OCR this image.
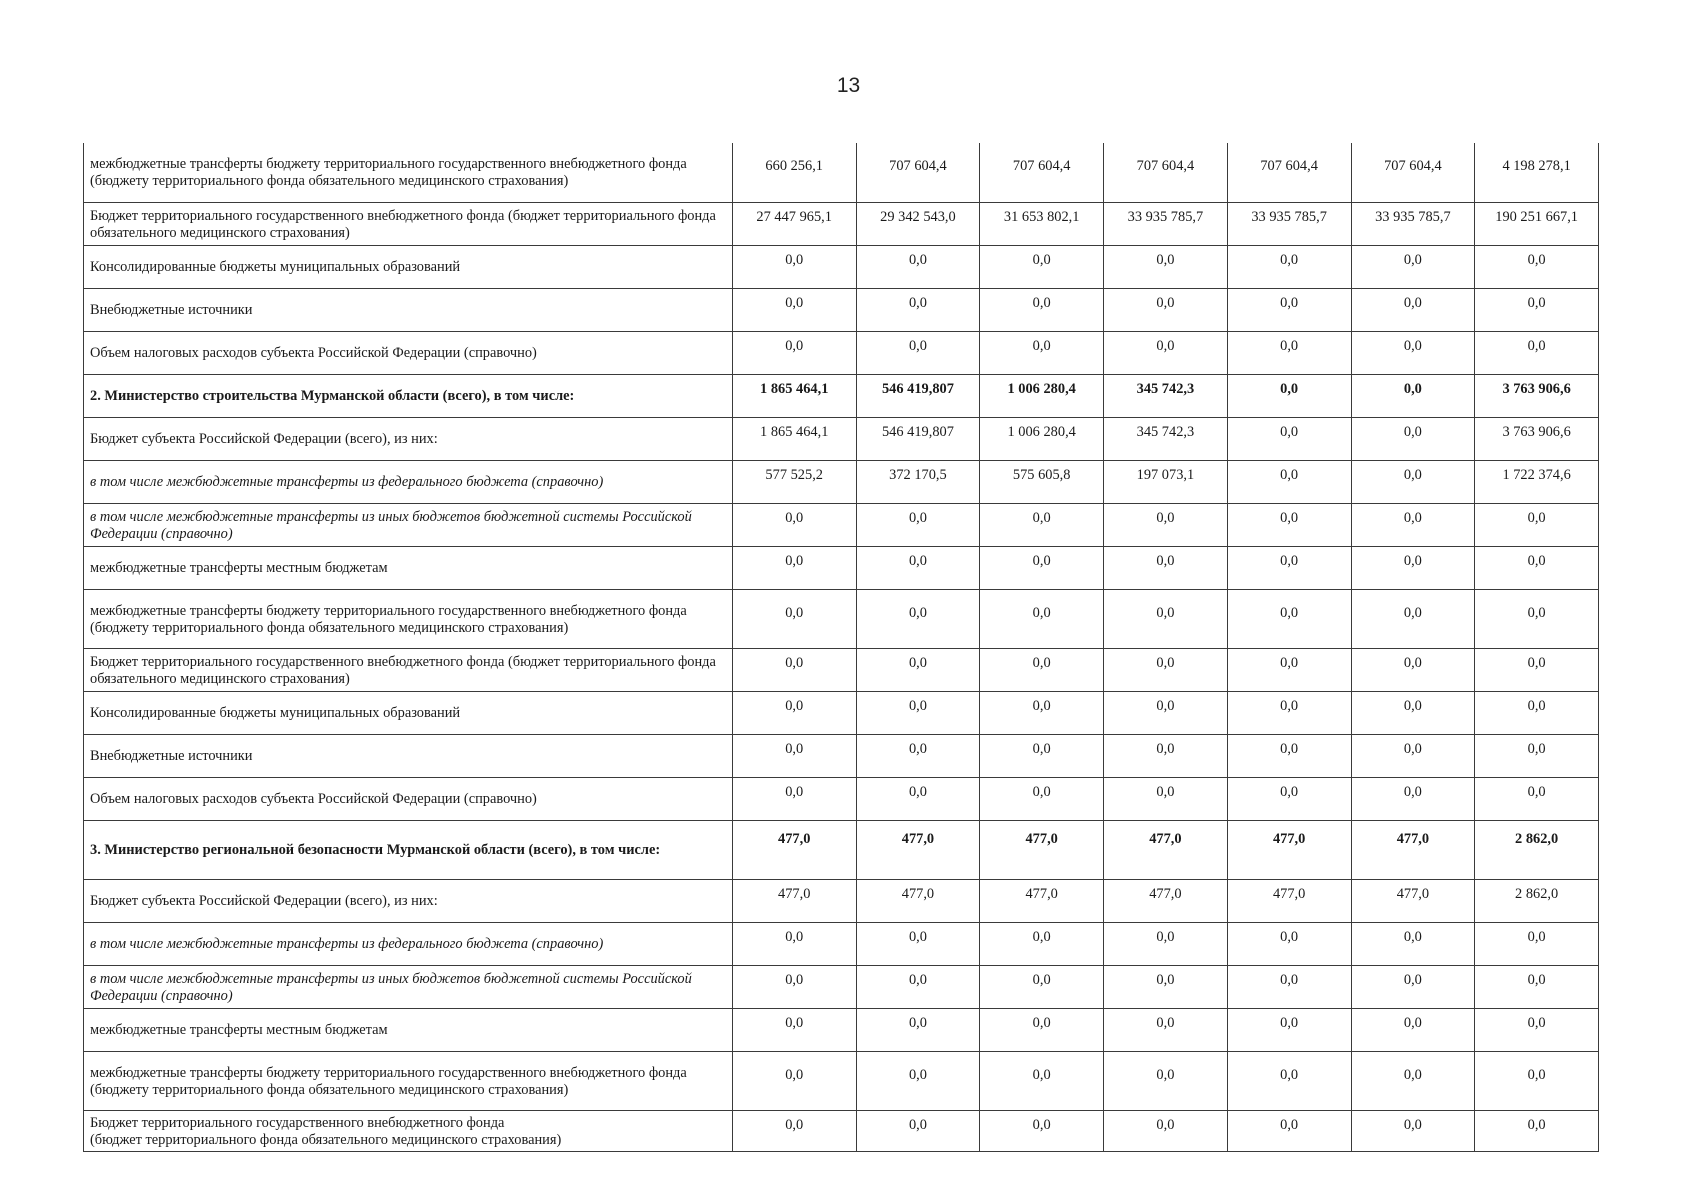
13
межбюджетные трансферты бюджету территориального государственного внебюджетного фонда (бюджету территориального фонда обязательного медицинского страхования)	660 256,1	707 604,4	707 604,4	707 604,4	707 604,4	707 604,4	4 198 278,1
Бюджет территориального государственного внебюджетного фонда (бюджет территориального фонда обязательного медицинского страхования)	27 447 965,1	29 342 543,0	31 653 802,1	33 935 785,7	33 935 785,7	33 935 785,7	190 251 667,1
Консолидированные бюджеты муниципальных образований	0,0	0,0	0,0	0,0	0,0	0,0	0,0
Внебюджетные источники	0,0	0,0	0,0	0,0	0,0	0,0	0,0
Объем налоговых расходов субъекта Российской Федерации (справочно)	0,0	0,0	0,0	0,0	0,0	0,0	0,0
2. Министерство строительства Мурманской области (всего), в том числе:	1 865 464,1	546 419,807	1 006 280,4	345 742,3	0,0	0,0	3 763 906,6
Бюджет субъекта Российской Федерации (всего), из них:	1 865 464,1	546 419,807	1 006 280,4	345 742,3	0,0	0,0	3 763 906,6
в том числе межбюджетные трансферты из федерального бюджета (справочно)	577 525,2	372 170,5	575 605,8	197 073,1	0,0	0,0	1 722 374,6
в том числе межбюджетные трансферты из иных бюджетов бюджетной системы Российской Федерации (справочно)	0,0	0,0	0,0	0,0	0,0	0,0	0,0
межбюджетные трансферты местным бюджетам	0,0	0,0	0,0	0,0	0,0	0,0	0,0
межбюджетные трансферты бюджету территориального государственного внебюджетного фонда (бюджету территориального фонда обязательного медицинского страхования)	0,0	0,0	0,0	0,0	0,0	0,0	0,0
Бюджет территориального государственного внебюджетного фонда (бюджет территориального фонда обязательного медицинского страхования)	0,0	0,0	0,0	0,0	0,0	0,0	0,0
Консолидированные бюджеты муниципальных образований	0,0	0,0	0,0	0,0	0,0	0,0	0,0
Внебюджетные источники	0,0	0,0	0,0	0,0	0,0	0,0	0,0
Объем налоговых расходов субъекта Российской Федерации (справочно)	0,0	0,0	0,0	0,0	0,0	0,0	0,0
3. Министерство региональной безопасности Мурманской области (всего), в том числе:	477,0	477,0	477,0	477,0	477,0	477,0	2 862,0
Бюджет субъекта Российской Федерации (всего), из них:	477,0	477,0	477,0	477,0	477,0	477,0	2 862,0
в том числе межбюджетные трансферты из федерального бюджета (справочно)	0,0	0,0	0,0	0,0	0,0	0,0	0,0
в том числе межбюджетные трансферты из иных бюджетов бюджетной системы Российской Федерации (справочно)	0,0	0,0	0,0	0,0	0,0	0,0	0,0
межбюджетные трансферты местным бюджетам	0,0	0,0	0,0	0,0	0,0	0,0	0,0
межбюджетные трансферты бюджету территориального государственного внебюджетного фонда (бюджету территориального фонда обязательного медицинского страхования)	0,0	0,0	0,0	0,0	0,0	0,0	0,0
Бюджет территориального государственного внебюджетного фонда
(бюджет территориального фонда обязательного медицинского страхования)	0,0	0,0	0,0	0,0	0,0	0,0	0,0
